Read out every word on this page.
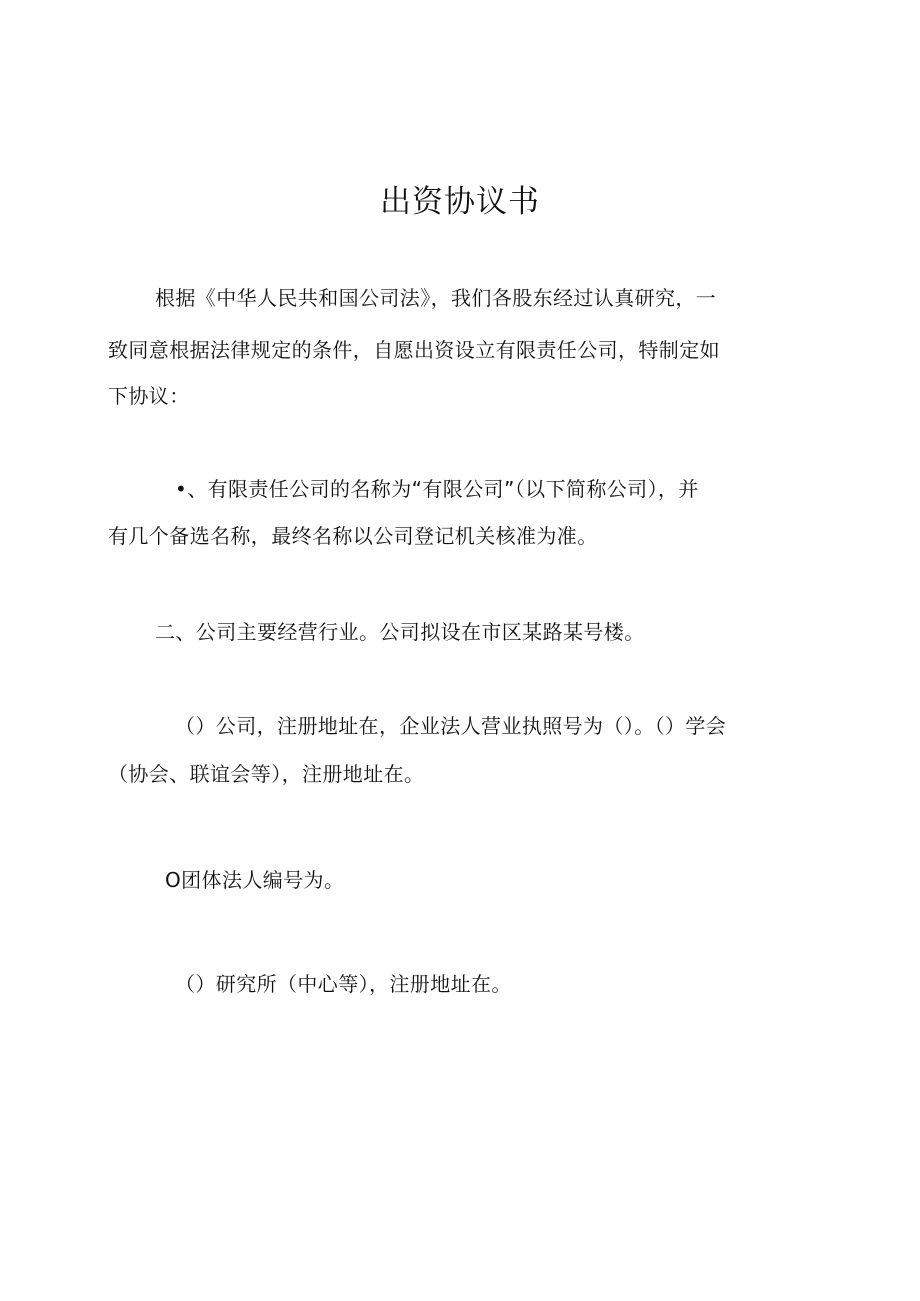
出资协议书
根据《中华人民共和国公司法》，我们各股东经过认真研究，一
致同意根据法律规定的条件，自愿出资设立有限责任公司，特制定如
下协议：
•、有限责任公司的名称为“有限公司”（以下简称公司），并
有几个备选名称，最终名称以公司登记机关核准为准。
二、公司主要经营行业。公司拟设在市区某路某号楼。
（）公司，注册地址在，企业法人营业执照号为（）。（）学会
（协会、联谊会等），注册地址在。
O团体法人编号为。
（）研究所（中心等），注册地址在。
